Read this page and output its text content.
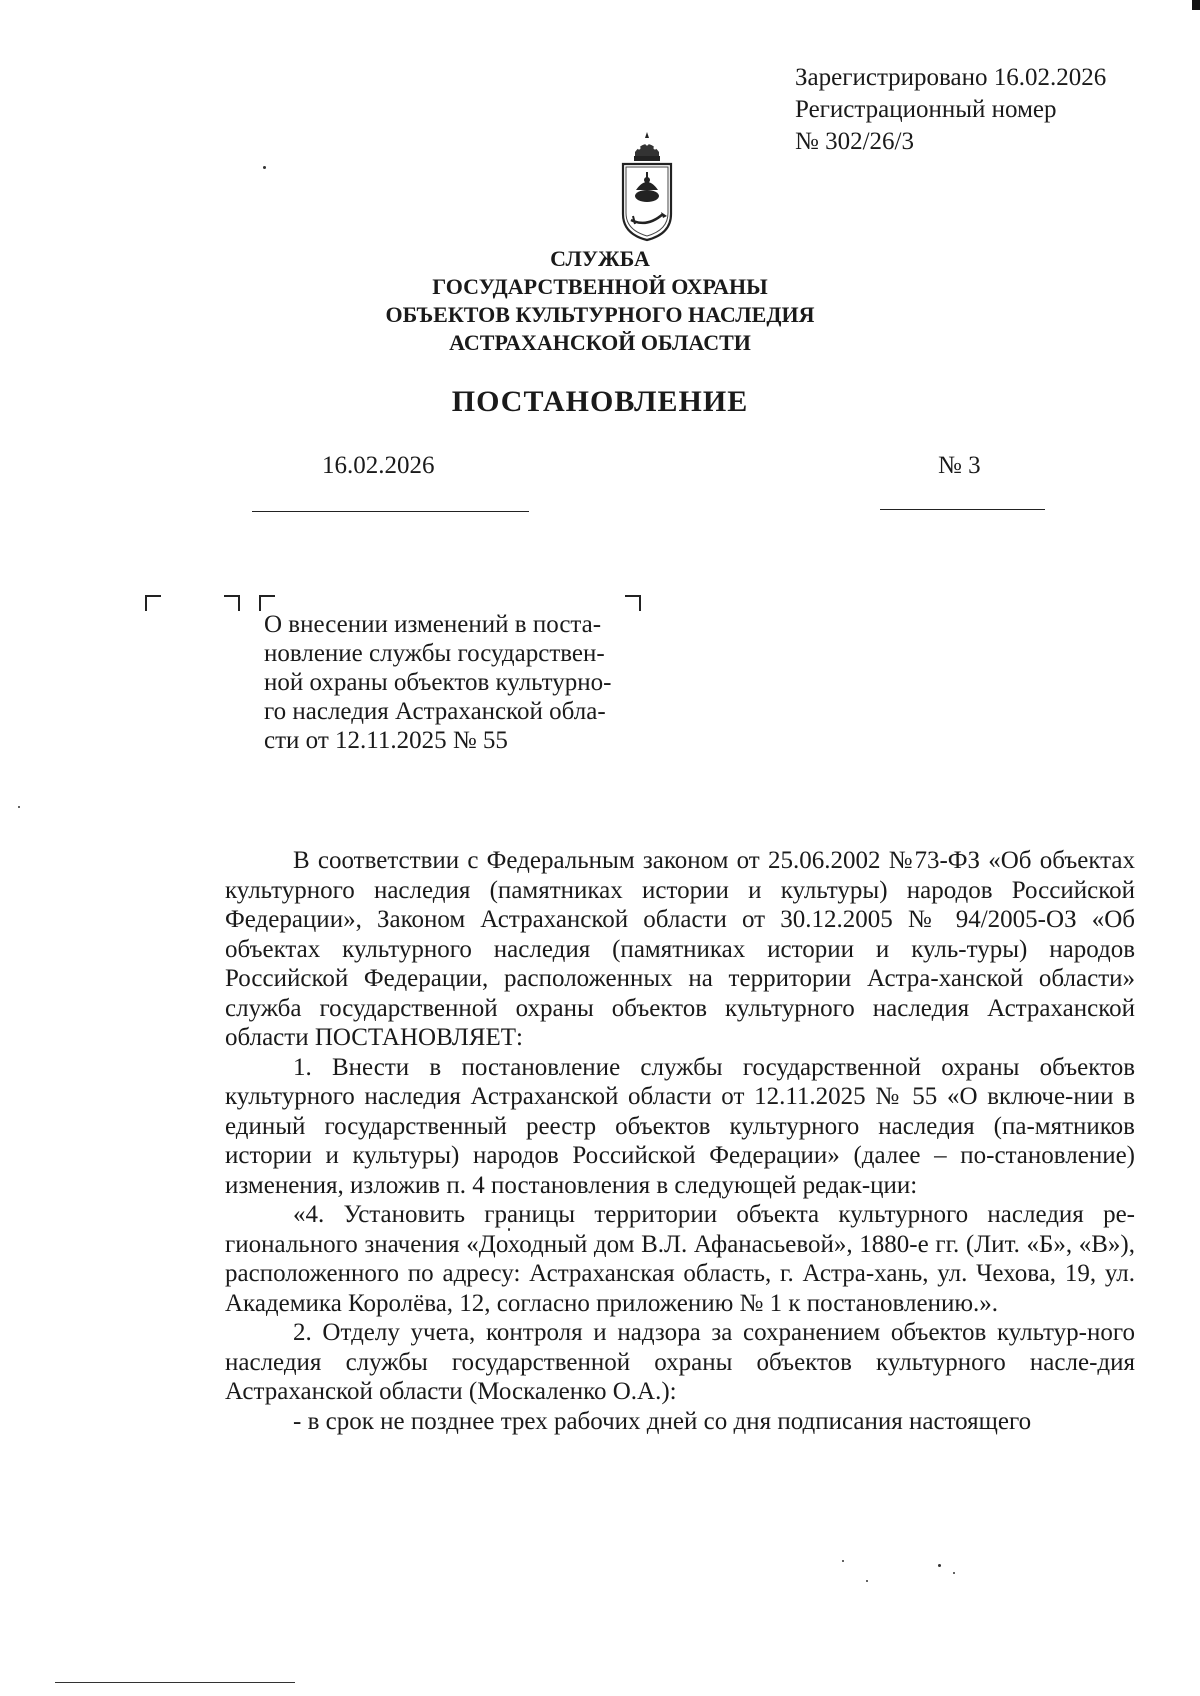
Зарегистрировано 16.02.2026
Регистрационный номер
№ 302/26/3
СЛУЖБА
ГОСУДАРСТВЕННОЙ ОХРАНЫ
ОБЪЕКТОВ КУЛЬТУРНОГО НАСЛЕДИЯ
АСТРАХАНСКОЙ ОБЛАСТИ
ПОСТАНОВЛЕНИЕ
16.02.2026	№ 3
О внесении изменений в поста-
новление службы государствен-
ной охраны объектов культурно-
го наследия Астраханской обла-
сти от 12.11.2025 № 55

В соответствии с Федеральным законом от 25.06.2002 №73-ФЗ «Об объектах культурного наследия (памятниках истории и культуры) народов Российской Федерации», Законом Астраханской области от 30.12.2005 № 94/2005-ОЗ «Об объектах культурного наследия (памятниках истории и куль-туры) народов Российской Федерации, расположенных на территории Астра-ханской области» служба государственной охраны объектов культурного наследия Астраханской области ПОСТАНОВЛЯЕТ:

1. Внести в постановление службы государственной охраны объектов культурного наследия Астраханской области от 12.11.2025 № 55 «О включе-нии в единый государственный реестр объектов культурного наследия (па-мятников истории и культуры) народов Российской Федерации» (далее – по-становление) изменения, изложив п. 4 постановления в следующей редак-ции:

«4. Установить границы территории объекта культурного наследия ре-гионального значения «Доходный дом В.Л. Афанасьевой», 1880-е гг. (Лит. «Б», «В»), расположенного по адресу: Астраханская область, г. Астра-хань, ул. Чехова, 19, ул. Академика Королёва, 12, согласно приложению № 1 к постановлению.».

2. Отделу учета, контроля и надзора за сохранением объектов культур-ного наследия службы государственной охраны объектов культурного насле-дия Астраханской области (Москаленко О.А.):

- в срок не позднее трех рабочих дней со дня подписания настоящего
